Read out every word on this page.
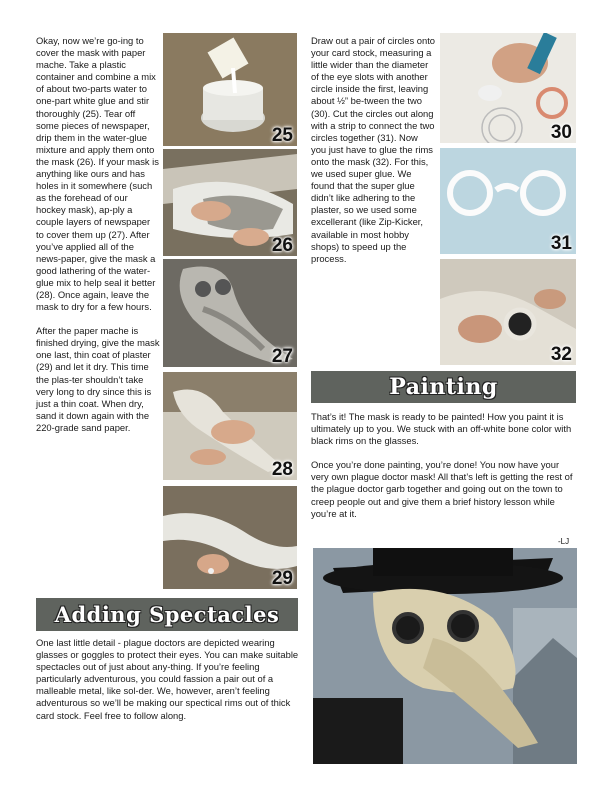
Okay, now we’re go-ing to cover the mask with paper mache. Take a plastic container and combine a mix of about two-parts water to one-part white glue and stir thoroughly (25). Tear off some pieces of newspaper, drip them in the water-glue mixture and apply them onto the mask (26). If your mask is anything like ours and has holes in it somewhere (such as the forehead of our hockey mask), ap-ply a couple layers of newspaper to cover them up (27). After you’ve applied all of the news-paper, give the mask a good lathering of the water-glue mix to help seal it better (28). Once again, leave the mask to dry for a few hours.

After the paper mache is finished drying, give the mask one last, thin coat of plaster (29) and let it dry. This time the plas-ter shouldn’t take very long to dry since this is just a thin coat. When dry, sand it down again with the 220-grade sand paper.

25
26
27
28
29

Draw out a pair of circles onto your card stock, measuring a little wider than the diameter of the eye slots with another circle inside the first, leaving about ½” be-tween the two (30). Cut the circles out along with a strip to connect the two circles together (31). Now you just have to glue the rims onto the mask (32). For this, we used super glue. We found that the super glue didn’t like adhering to the plaster, so we used some excellerant (like Zip-Kicker, available in most hobby shops) to speed up the process.

30
31
32
Painting

That’s it! The mask is ready to be painted! How you paint it is ultimately up to you. We stuck with an off-white bone color with black rims on the glasses.

Once you’re done painting, you’re done! You now have your very own plague doctor mask! All that’s left is getting the rest of the plague doctor garb together and going out on the town to creep people out and give them a brief history lesson while you’re at it.

-LJ
Adding Spectacles

One last little detail - plague doctors are depicted wearing glasses or goggles to protect their eyes. You can make suitable spectacles out of just about any-thing. If you’re feeling particularly adventurous, you could fassion a pair out of a malleable metal, like sol-der. We, however, aren’t feeling adventurous so we’ll be making our spectical rims out of thick card stock. Feel free to follow along.
